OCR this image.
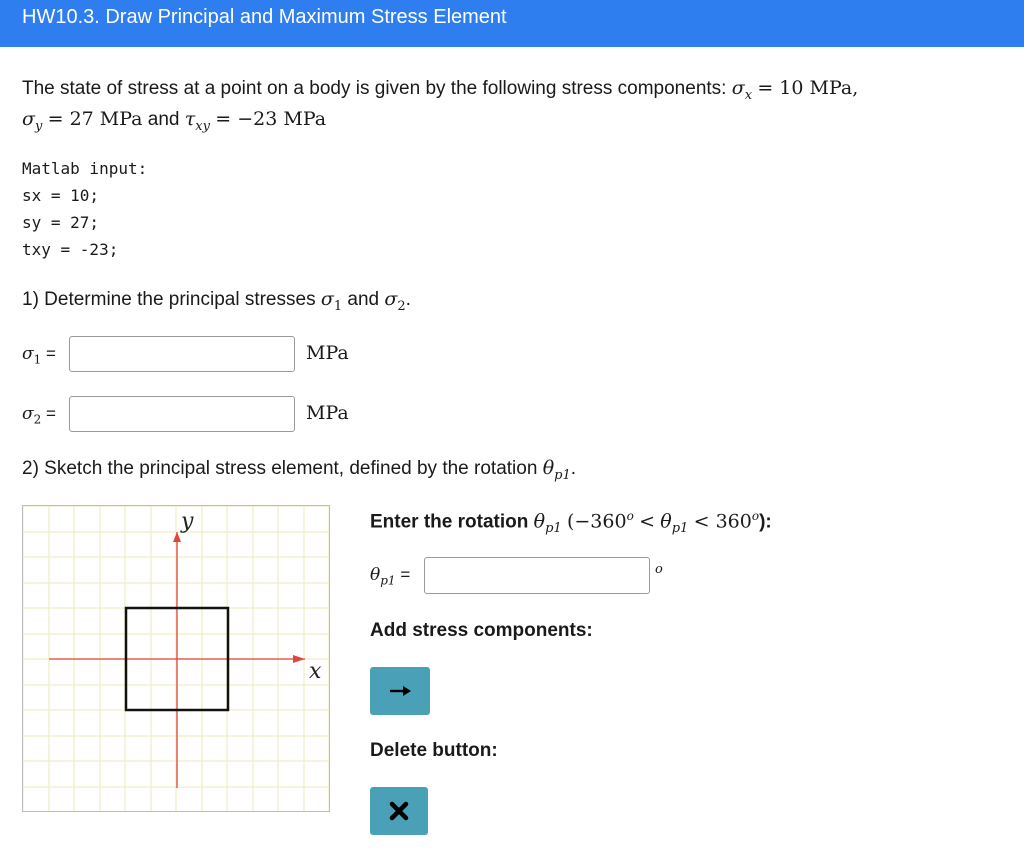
HW10.3. Draw Principal and Maximum Stress Element
The state of stress at a point on a body is given by the following stress components: $\sigma_x = 10$ MPa,
$\sigma_y = 27$ MPa and $\tau_{xy} = -23$ MPa
Matlab input:
sx = 10;
sy = 27;
txy = -23;
1) Determine the principal stresses $\sigma_1$ and $\sigma_2$.
$\sigma_1$ =	MPa
$\sigma_2$ =	MPa
2) Sketch the principal stress element, defined by the rotation $\theta_{p1}$.
y
x
Enter the rotation $\theta_{p1}$ $(-360^o < \theta_{p1} < 360^o)$:
$\theta_{p1}$ =	o
Add stress components:
Delete button:
